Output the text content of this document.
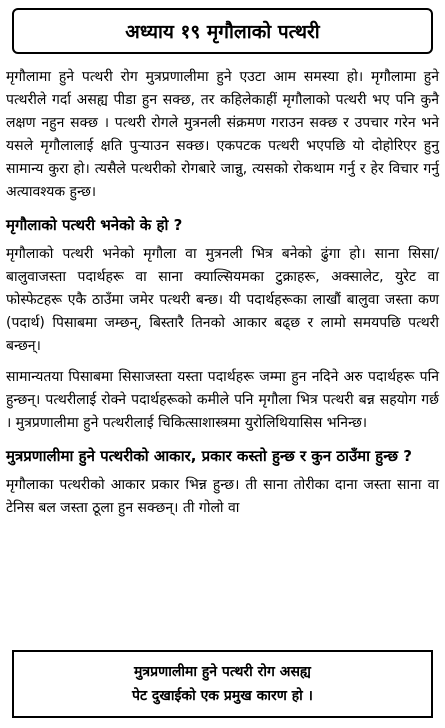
अध्याय १९ मृगौलाको पत्थरी

मृगौलामा हुने पत्थरी रोग मुत्रप्रणालीमा हुने एउटा आम समस्या हो। मृगौलामा हुने पत्थरीले गर्दा असह्य पीडा हुन सक्छ, तर कहिलेकाहीं मृगौलाको पत्थरी भए पनि कुनै लक्षण नहुन सक्छ । पत्थरी रोगले मुत्रनली संक्रमण गराउन सक्छ र उपचार गरेन भने यसले मृगौलालाई क्षति पुऱ्याउन सक्छ। एकपटक पत्थरी भएपछि यो दोहोरिएर हुनु सामान्य कुरा हो। त्यसैले पत्थरीको रोगबारे जान्नु, त्यसको रोकथाम गर्नु र हेर विचार गर्नु अत्यावश्यक हुन्छ।

मृगौलाको पत्थरी भनेको के हो ?

मृगौलाको पत्थरी भनेको मृगौला वा मुत्रनली भित्र बनेको ढुंगा हो। साना सिसा/बालुवाजस्ता पदार्थहरू वा साना क्याल्सियमका टुक्राहरू, अक्सालेट, युरेट वा फोस्फेटहरू एकै ठाउँमा जमेर पत्थरी बन्छ। यी पदार्थहरूका लाखौं बालुवा जस्ता कण (पदार्थ) पिसाबमा जम्छन्, बिस्तारै तिनको आकार बढ्छ र लामो समयपछि पत्थरी बन्छन्।

सामान्यतया पिसाबमा सिसाजस्ता यस्ता पदार्थहरू जम्मा हुन नदिने अरु पदार्थहरू पनि हुन्छन्। पत्थरीलाई रोक्ने पदार्थहरूको कमीले पनि मृगौला भित्र पत्थरी बन्न सहयोग गर्छ । मुत्रप्रणालीमा हुने पत्थरीलाई चिकित्साशास्त्रमा युरोलिथियासिस भनिन्छ।

मुत्रप्रणालीमा हुने पत्थरीको आकार, प्रकार कस्तो हुन्छ र कुन ठाउँमा हुन्छ ?

मृगौलाका पत्थरीको आकार प्रकार भिन्न हुन्छ। ती साना तोरीका दाना जस्ता साना वा टेनिस बल जस्ता ठूला हुन सक्छन्। ती गोलो वा

मुत्रप्रणालीमा हुने पत्थरी रोग असह्य
पेट दुखाईको एक प्रमुख कारण हो ।
